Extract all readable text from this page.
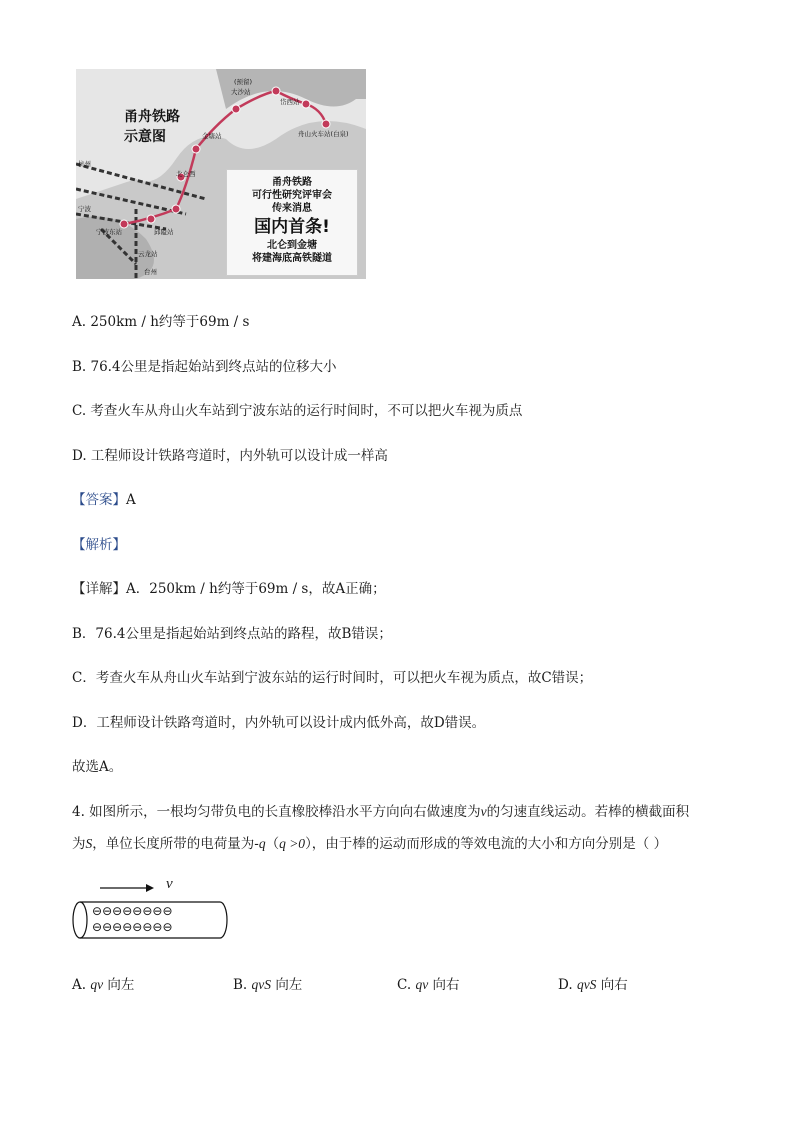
甬舟铁路
示意图
(预留)
大沙站
岱西站
舟山火车站(白泉)
金塘站
北仑西
宁波东站	邱隘站
云龙站
杭州
宁波
台州
甬舟铁路
可行性研究评审会
传来消息
国内首条!
北仑到金塘
将建海底高铁隧道
A. 250km / h约等于69m / s
B. 76.4公里是指起始站到终点站的位移大小
C. 考查火车从舟山火车站到宁波东站的运行时间时，不可以把火车视为质点
D. 工程师设计铁路弯道时，内外轨可以设计成一样高
【答案】A
【解析】
【详解】A．250km / h约等于69m / s，故A正确；
B．76.4公里是指起始站到终点站的路程，故B错误；
C．考查火车从舟山火车站到宁波东站的运行时间时，可以把火车视为质点，故C错误；
D．工程师设计铁路弯道时，内外轨可以设计成内低外高，故D错误。
故选A。
4. 如图所示，一根均匀带负电的长直橡胶棒沿水平方向向右做速度为v的匀速直线运动。若棒的横截面积
为S，单位长度所带的电荷量为-q（q >0），由于棒的运动而形成的等效电流的大小和方向分别是（ ）
v
⊖⊖⊖⊖⊖⊖⊖⊖
⊖⊖⊖⊖⊖⊖⊖⊖
A. qv 向左	B. qvS 向左	C. qv 向右	D. qvS 向右
